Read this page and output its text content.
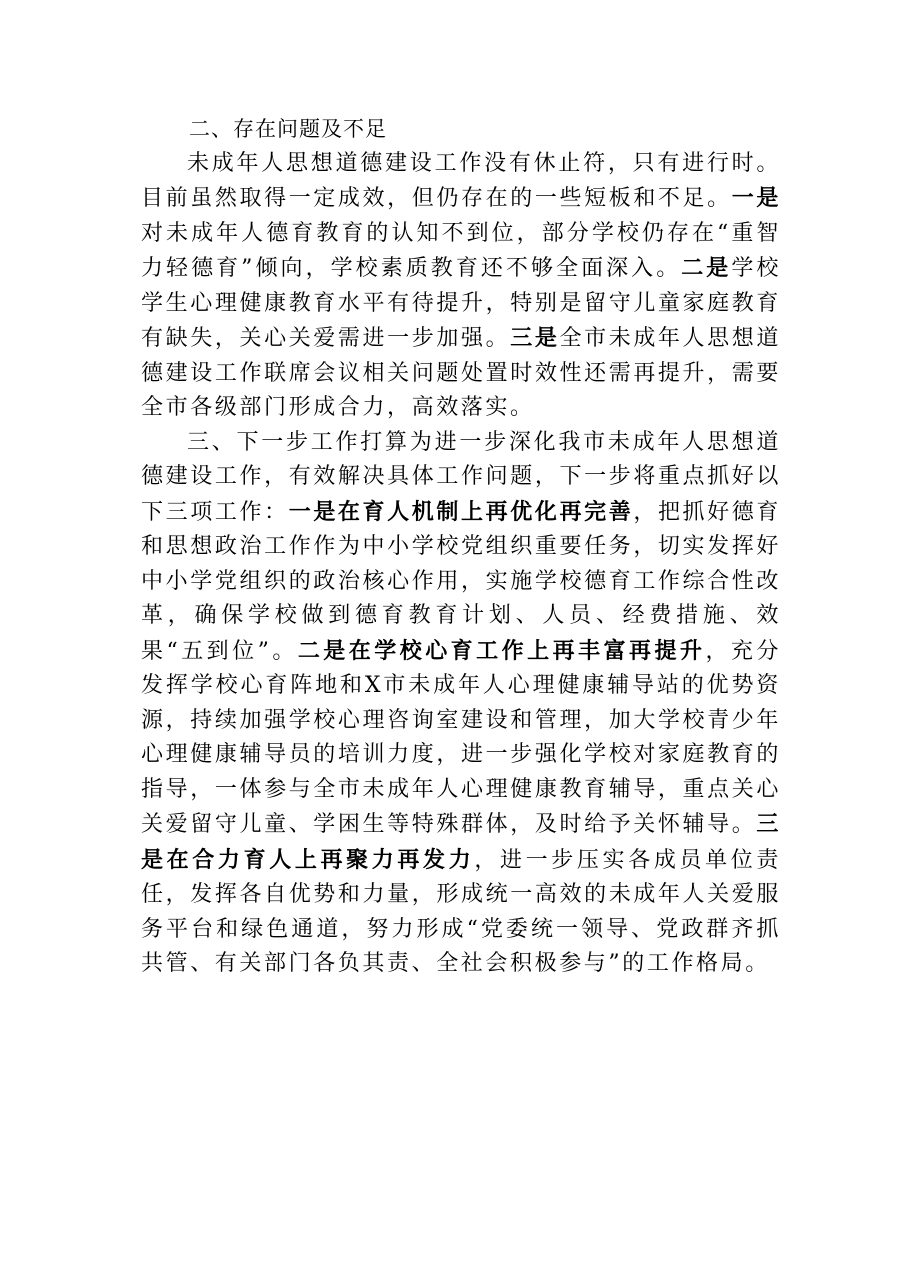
二、存在问题及不足

未成年人思想道德建设工作没有休止符，只有进行时。目前虽然取得一定成效，但仍存在的一些短板和不足。一是对未成年人德育教育的认知不到位，部分学校仍存在“重智力轻德育”倾向，学校素质教育还不够全面深入。二是学校学生心理健康教育水平有待提升，特别是留守儿童家庭教育有缺失，关心关爱需进一步加强。三是全市未成年人思想道德建设工作联席会议相关问题处置时效性还需再提升，需要全市各级部门形成合力，高效落实。

三、下一步工作打算为进一步深化我市未成年人思想道德建设工作，有效解决具体工作问题，下一步将重点抓好以下三项工作：一是在育人机制上再优化再完善，把抓好德育和思想政治工作作为中小学校党组织重要任务，切实发挥好中小学党组织的政治核心作用，实施学校德育工作综合性改革，确保学校做到德育教育计划、人员、经费措施、效果“五到位”。二是在学校心育工作上再丰富再提升，充分发挥学校心育阵地和X市未成年人心理健康辅导站的优势资源，持续加强学校心理咨询室建设和管理，加大学校青少年心理健康辅导员的培训力度，进一步强化学校对家庭教育的指导，一体参与全市未成年人心理健康教育辅导，重点关心关爱留守儿童、学困生等特殊群体，及时给予关怀辅导。三是在合力育人上再聚力再发力，进一步压实各成员单位责任，发挥各自优势和力量，形成统一高效的未成年人关爱服务平台和绿色通道，努力形成“党委统一领导、党政群齐抓共管、有关部门各负其责、全社会积极参与”的工作格局。
